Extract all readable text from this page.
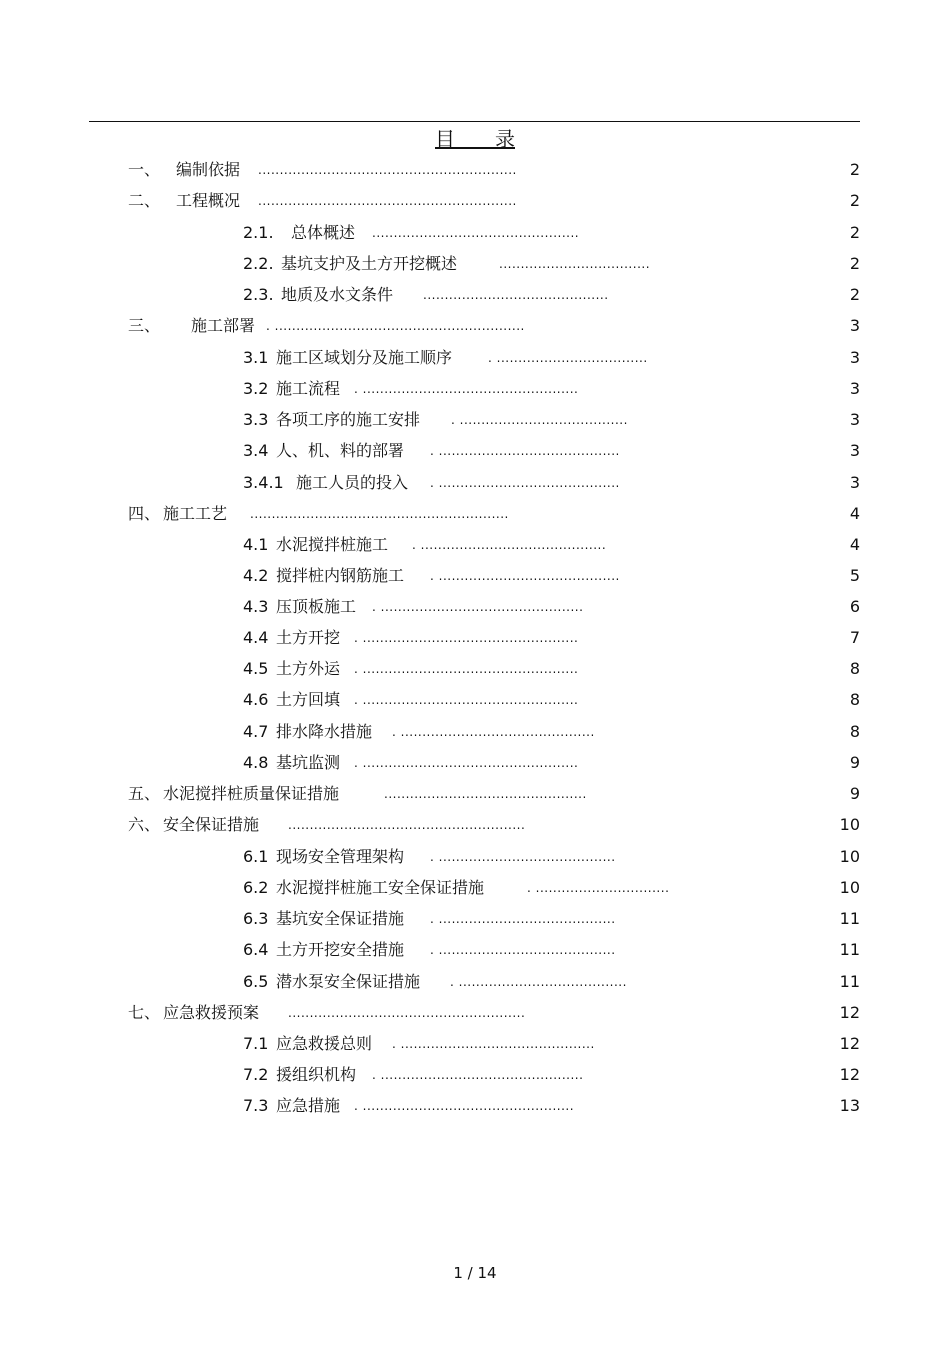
目　　录
一、 编制依据 ............................................................	2
二、 工程概况 ............................................................	2
2.1. 总体概述 ................................................	2
2.2. 基坑支护及土方开挖概述	...................................	2
2.3. 地质及水文条件 ...........................................	2
三、 施工部署 . ..........................................................	3
3.1 施工区域划分及施工顺序	. ...................................	3
3.2 施工流程 . ..................................................	3
3.3 各项工序的施工安排	. .......................................	3
3.4 人、机、料的部署 . ..........................................	3
3.4.1 施工人员的投入 . ..........................................	3
四、 施工工艺 ............................................................	4
4.1 水泥搅拌桩施工 . ...........................................	4
4.2 搅拌桩内钢筋施工 . ..........................................	5
4.3 压顶板施工 . ...............................................	6
4.4 土方开挖 . ..................................................	7
4.5 土方外运 . ..................................................	8
4.6 土方回填 . ..................................................	8
4.7 排水降水措施 . .............................................	8
4.8 基坑监测 . ..................................................	9
五、 水泥搅拌桩质量保证措施	...............................................	9
六、 安全保证措施 .......................................................	10
6.1 现场安全管理架构 . .........................................	10
6.2 水泥搅拌桩施工安全保证措施	. ...............................	10
6.3 基坑安全保证措施 . .........................................	11
6.4 土方开挖安全措施 . .........................................	11
6.5 潜水泵安全保证措施 . .......................................	11
七、 应急救援预案 .......................................................	12
7.1 应急救援总则 . .............................................	12
7.2 援组织机构 . ...............................................	12
7.3 应急措施 . .................................................	13
1 / 14
